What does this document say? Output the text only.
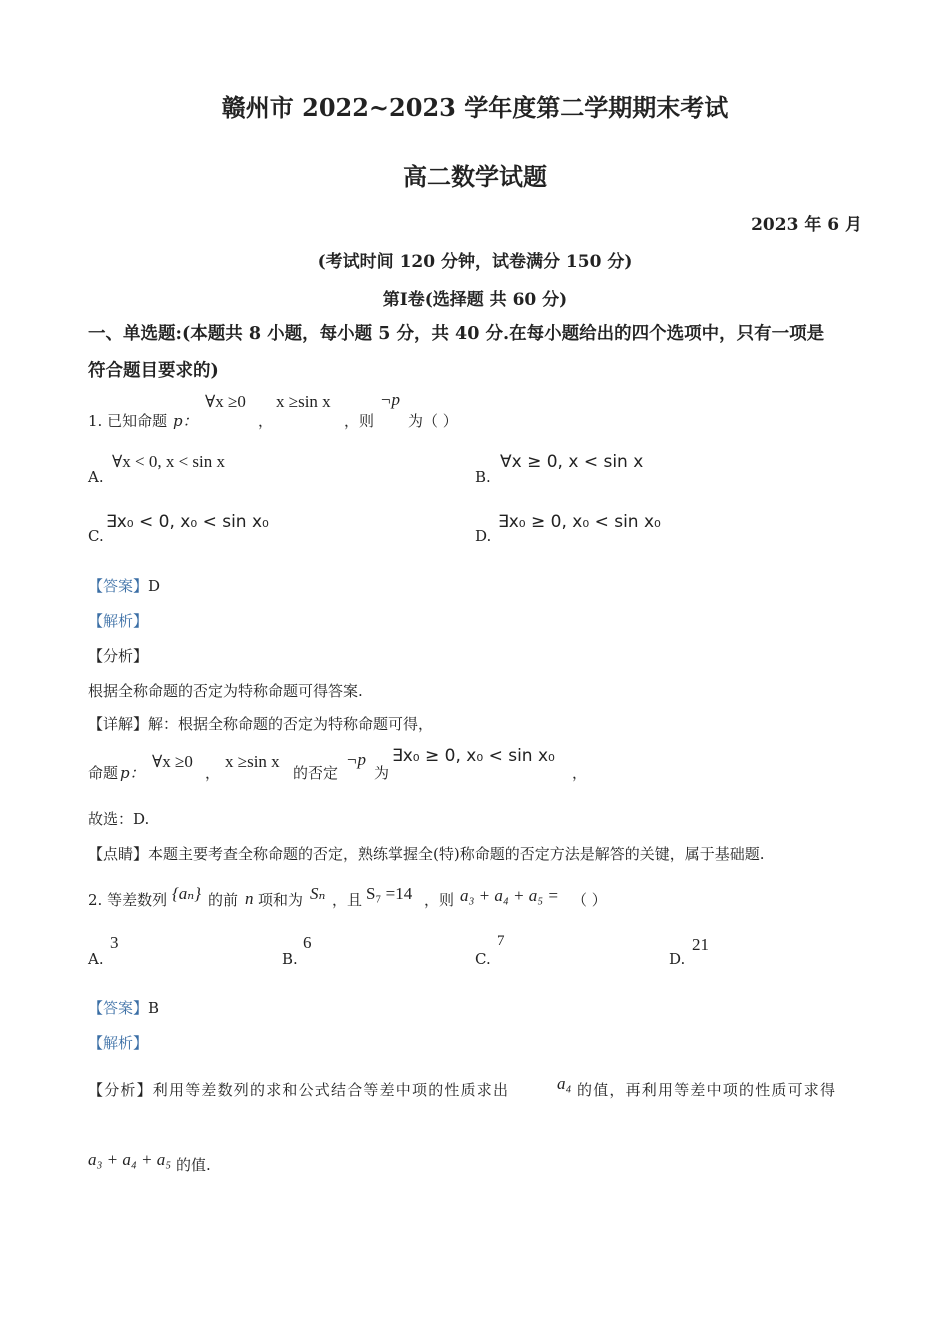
赣州市 2022~2023 学年度第二学期期末考试
高二数学试题
2023 年 6 月
(考试时间 120 分钟，试卷满分 150 分)
第Ⅰ卷(选择题 共 60 分)
一、单选题:(本题共 8 小题，每小题 5 分，共 40 分.在每小题给出的四个选项中，只有一项是
符合题目要求的)
1. 已知命题 p：
∀x ≥0
，
x ≥sin x
，则
¬p
为（ ）
A.
∀x < 0, x < sin x
B.
∀x ≥ 0, x < sin x
C.
∃x₀ < 0, x₀ < sin x₀
D.
∃x₀ ≥ 0, x₀ < sin x₀
【答案】D
【解析】
【分析】
根据全称命题的否定为特称命题可得答案.
【详解】解：根据全称命题的否定为特称命题可得，
命题 p：
∀x ≥0
，
x ≥sin x
的否定
¬p
为
∃x₀ ≥ 0, x₀ < sin x₀
，
故选：D.
【点睛】本题主要考查全称命题的否定，熟练掌握全(特)称命题的否定方法是解答的关键，属于基础题.
2. 等差数列 {aₙ} 的前 n 项和为 Sₙ ，且 S₇ =14 ，则 a₃ + a₄ + a₅ = （ ）
A.
3
B.
6
C.
7
D.
21
【答案】B
【解析】
【分析】利用等差数列的求和公式结合等差中项的性质求出	a₄ 的值，再利用等差中项的性质可求得
a₃ + a₄ + a₅ 的值.
